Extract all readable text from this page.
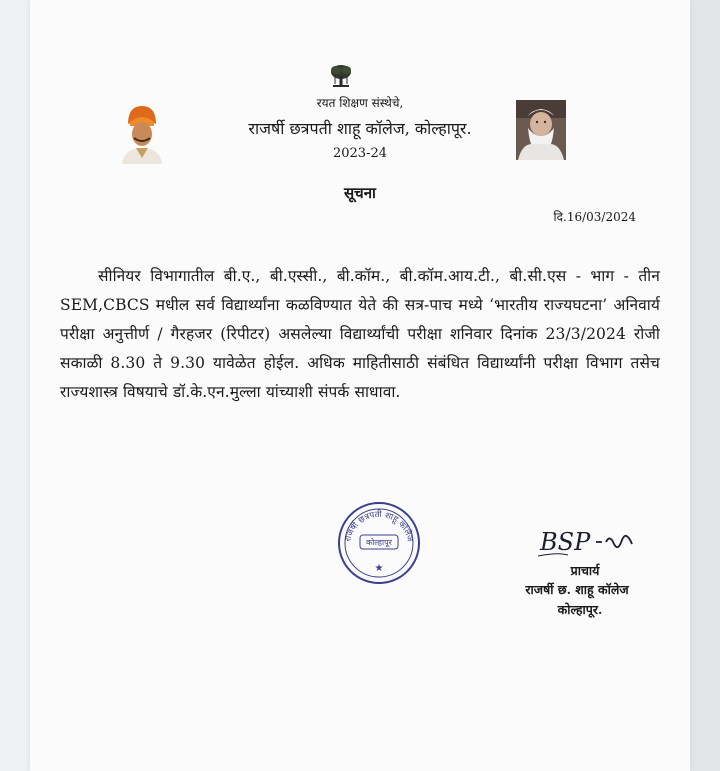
रयत शिक्षण संस्थेचे,
राजर्षी छत्रपती शाहू कॉलेज, कोल्हापूर.
2023-24
सूचना
दि.16/03/2024
सीनियर विभागातील बी.ए., बी.एस्सी., बी.कॉम., बी.कॉम.आय.टी., बी.सी.एस - भाग - तीन SEM,CBCS मधील सर्व विद्यार्थ्यांना कळविण्यात येते की सत्र-पाच मध्ये ‘भारतीय राज्यघटना’ अनिवार्य परीक्षा अनुत्तीर्ण / गैरहजर (रिपीटर) असलेल्या विद्यार्थ्यांची परीक्षा शनिवार दिनांक 23/3/2024 रोजी सकाळी 8.30 ते 9.30 यावेळेत होईल. अधिक माहितीसाठी संबंधित विद्यार्थ्यांनी परीक्षा विभाग तसेच राज्यशास्त्र विषयाचे डॉ.के.एन.मुल्ला यांच्याशी संपर्क साधावा.
राजर्षी छत्रपती शाहू कॉलेज
कोल्हापूर
★
BSP
प्राचार्य
राजर्षी छ. शाहू कॉलेज
कोल्हापूर.
